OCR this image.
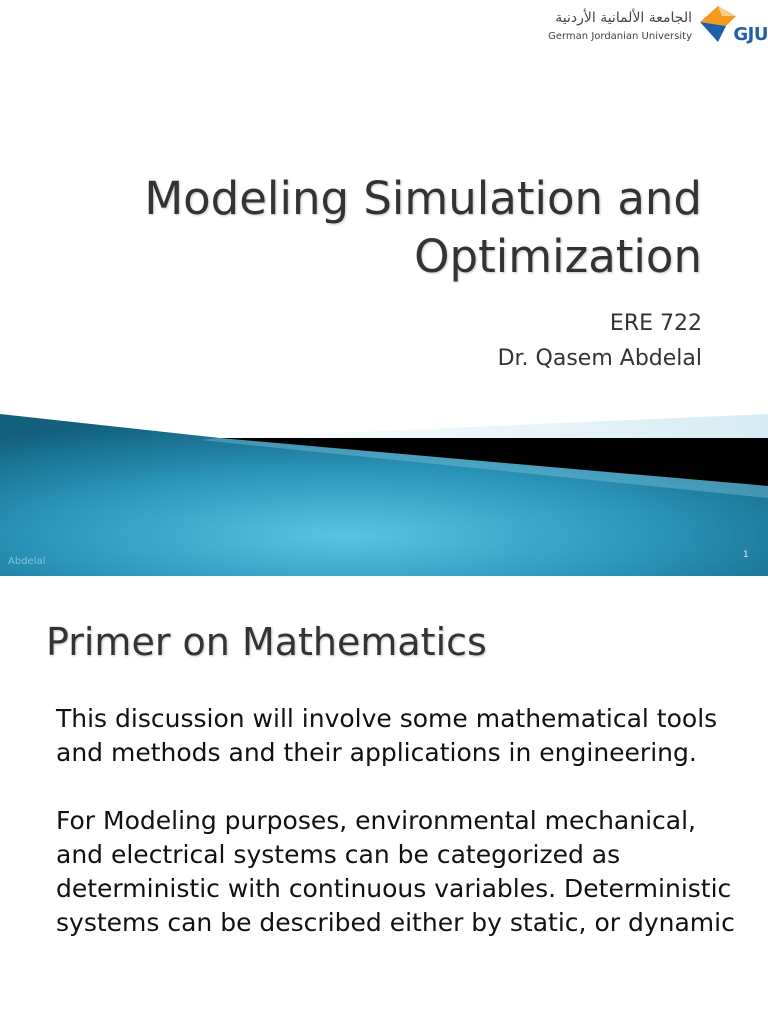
الجامعة الألمانية الأردنية
German Jordanian University GJU
Modeling Simulation and Optimization
ERE 722
Dr. Qasem Abdelal
Abdelal
1
Primer on Mathematics

This discussion will involve some mathematical tools and methods and their applications in engineering.

For Modeling purposes, environmental mechanical, and electrical systems can be categorized as deterministic with continuous variables. Deterministic systems can be described either by static, or dynamic
